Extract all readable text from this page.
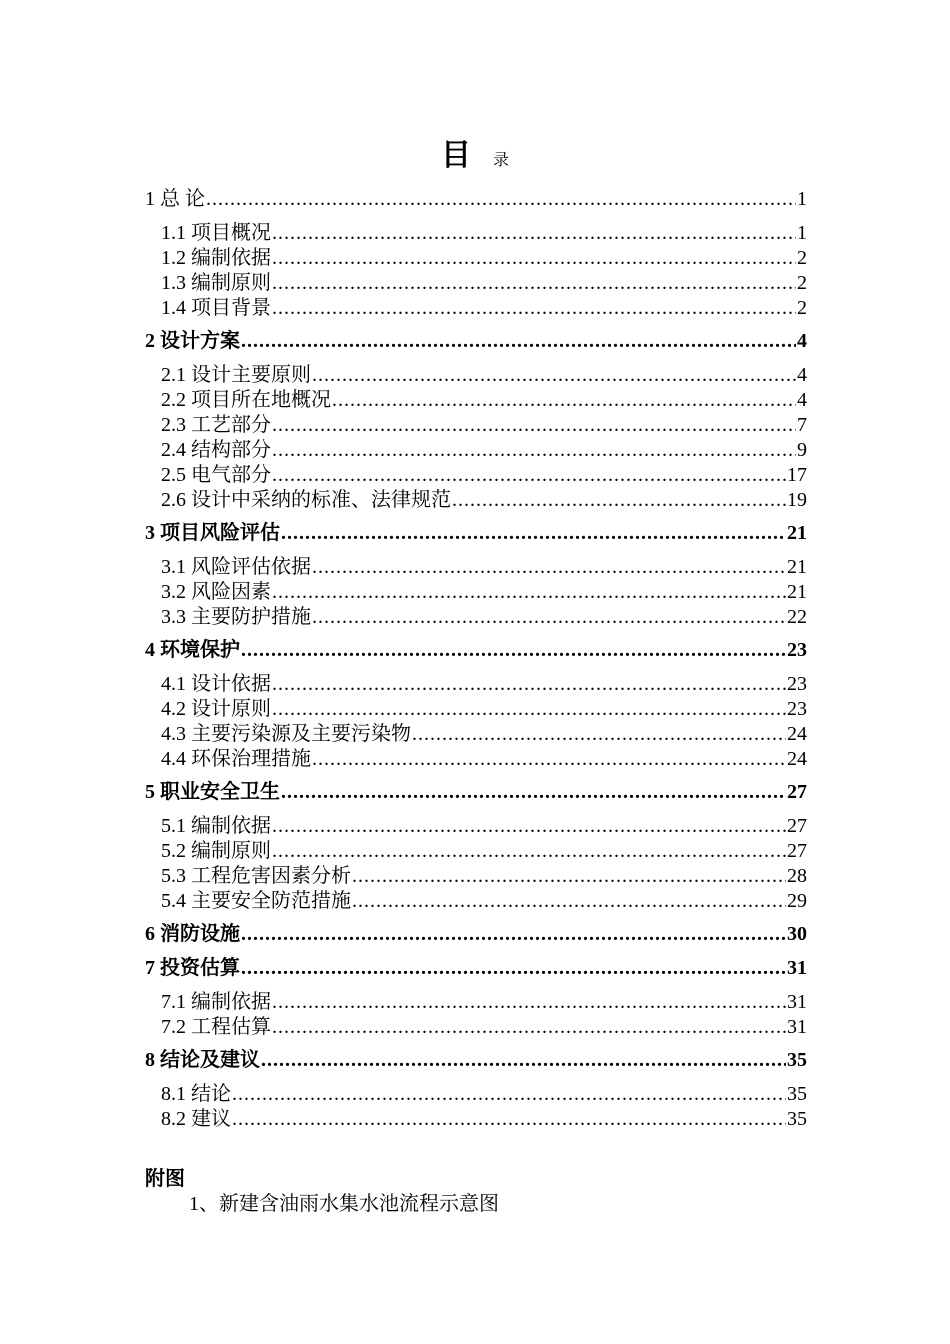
目 录
1 总 论 .....	1
1.1 项目概况 .....	1
1.2 编制依据 .....	2
1.3 编制原则 .....	2
1.4 项目背景 .....	2
2 设计方案 .....	4
2.1 设计主要原则 .....	4
2.2 项目所在地概况 .....	4
2.3 工艺部分 .....	7
2.4 结构部分 .....	9
2.5 电气部分 .....	17
2.6 设计中采纳的标准、法律规范 .....	19
3 项目风险评估 .....	21
3.1 风险评估依据 .....	21
3.2 风险因素 .....	21
3.3 主要防护措施 .....	22
4 环境保护 .....	23
4.1 设计依据 .....	23
4.2 设计原则 .....	23
4.3 主要污染源及主要污染物 .....	24
4.4 环保治理措施 .....	24
5 职业安全卫生 .....	27
5.1 编制依据 .....	27
5.2 编制原则 .....	27
5.3 工程危害因素分析 .....	28
5.4 主要安全防范措施 .....	29
6 消防设施 .....	30
7 投资估算 .....	31
7.1 编制依据 .....	31
7.2 工程估算 .....	31
8 结论及建议 .....	35
8.1 结论 .....	35
8.2 建议 .....	35
附图
1、新建含油雨水集水池流程示意图
